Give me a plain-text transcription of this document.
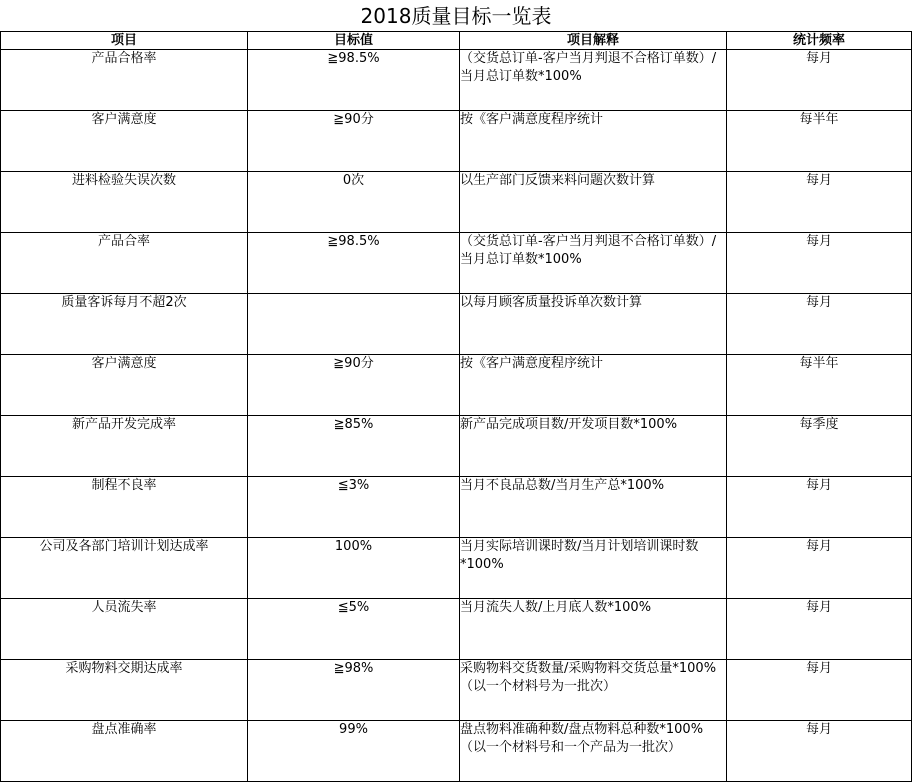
2018质量目标一览表
项目	目标值	项目解释	统计频率

产品合格率	≧98.5%	（交货总订单-客户当月判退不合格订单数）/当月总订单数*100%	每月

客户满意度	≧90分	按《客户满意度程序统计	每半年

进料检验失误次数	0次	以生产部门反馈来料问题次数计算	每月

产品合率	≧98.5%	（交货总订单-客户当月判退不合格订单数）/当月总订单数*100%	每月

质量客诉每月不超2次		以每月顾客质量投诉单次数计算	每月

客户满意度	≧90分	按《客户满意度程序统计	每半年

新产品开发完成率	≧85%	新产品完成项目数/开发项目数*100%	每季度

制程不良率	≦3%	当月不良品总数/当月生产总*100%	每月

公司及各部门培训计划达成率	100%	当月实际培训课时数/当月计划培训课时数*100%	每月

人员流失率	≦5%	当月流失人数/上月底人数*100%	每月

采购物料交期达成率	≧98%	采购物料交货数量/采购物料交货总量*100%（以一个材料号为一批次）	每月

盘点准确率	99%	盘点物料准确种数/盘点物料总种数*100%（以一个材料号和一个产品为一批次）	每月
